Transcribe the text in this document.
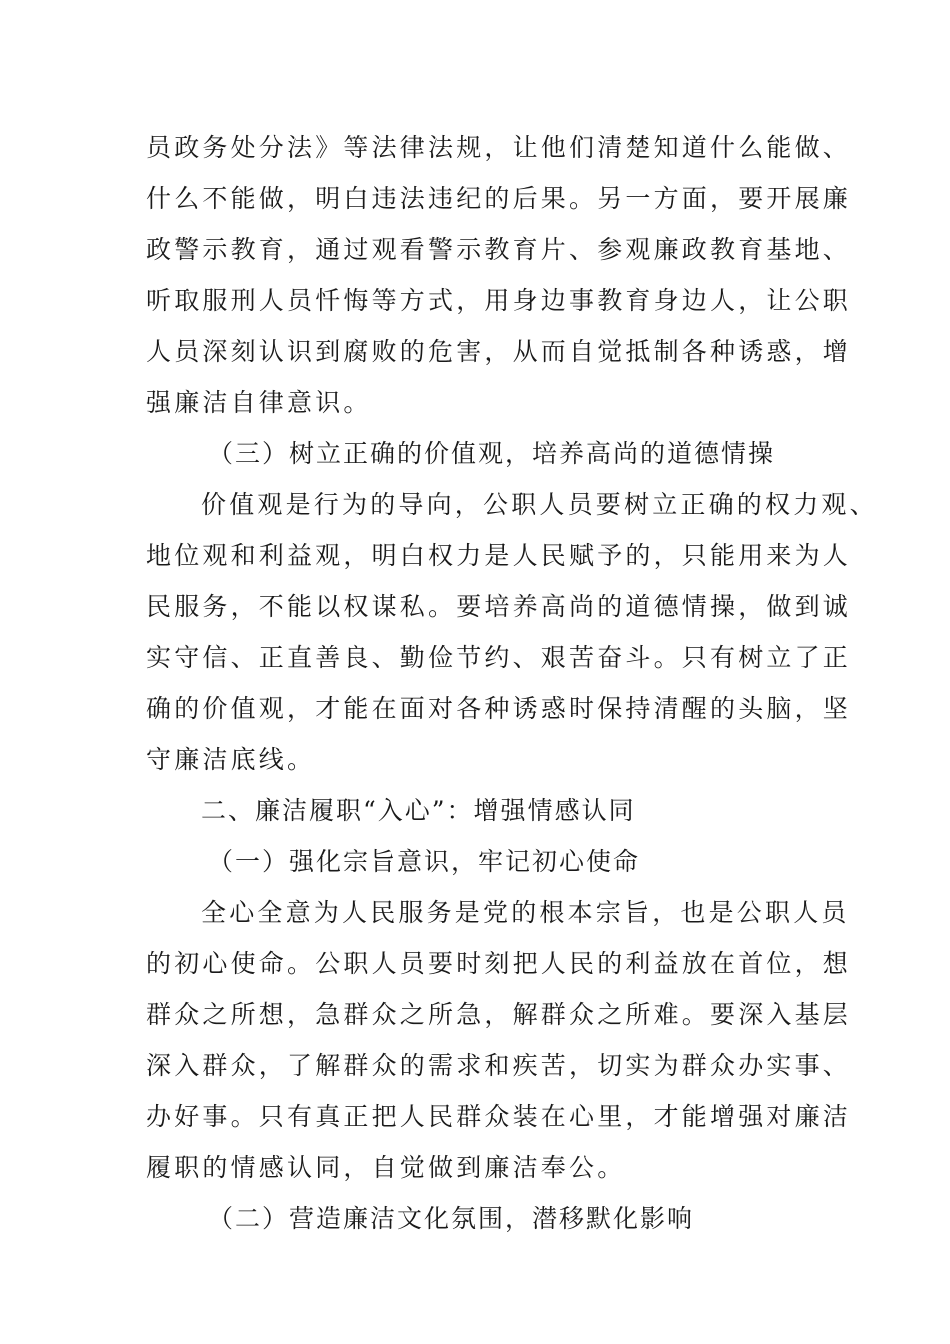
员政务处分法》等法律法规，让他们清楚知道什么能做、
什么不能做，明白违法违纪的后果。另一方面，要开展廉
政警示教育，通过观看警示教育片、参观廉政教育基地、
听取服刑人员忏悔等方式，用身边事教育身边人，让公职
人员深刻认识到腐败的危害，从而自觉抵制各种诱惑，增
强廉洁自律意识。
（三）树立正确的价值观，培养高尚的道德情操
价值观是行为的导向，公职人员要树立正确的权力观、
地位观和利益观，明白权力是人民赋予的，只能用来为人
民服务，不能以权谋私。要培养高尚的道德情操，做到诚
实守信、正直善良、勤俭节约、艰苦奋斗。只有树立了正
确的价值观，才能在面对各种诱惑时保持清醒的头脑，坚
守廉洁底线。
二、廉洁履职“入心”：增强情感认同
（一）强化宗旨意识，牢记初心使命
全心全意为人民服务是党的根本宗旨，也是公职人员
的初心使命。公职人员要时刻把人民的利益放在首位，想
群众之所想，急群众之所急，解群众之所难。要深入基层
深入群众，了解群众的需求和疾苦，切实为群众办实事、
办好事。只有真正把人民群众装在心里，才能增强对廉洁
履职的情感认同，自觉做到廉洁奉公。
（二）营造廉洁文化氛围，潜移默化影响
